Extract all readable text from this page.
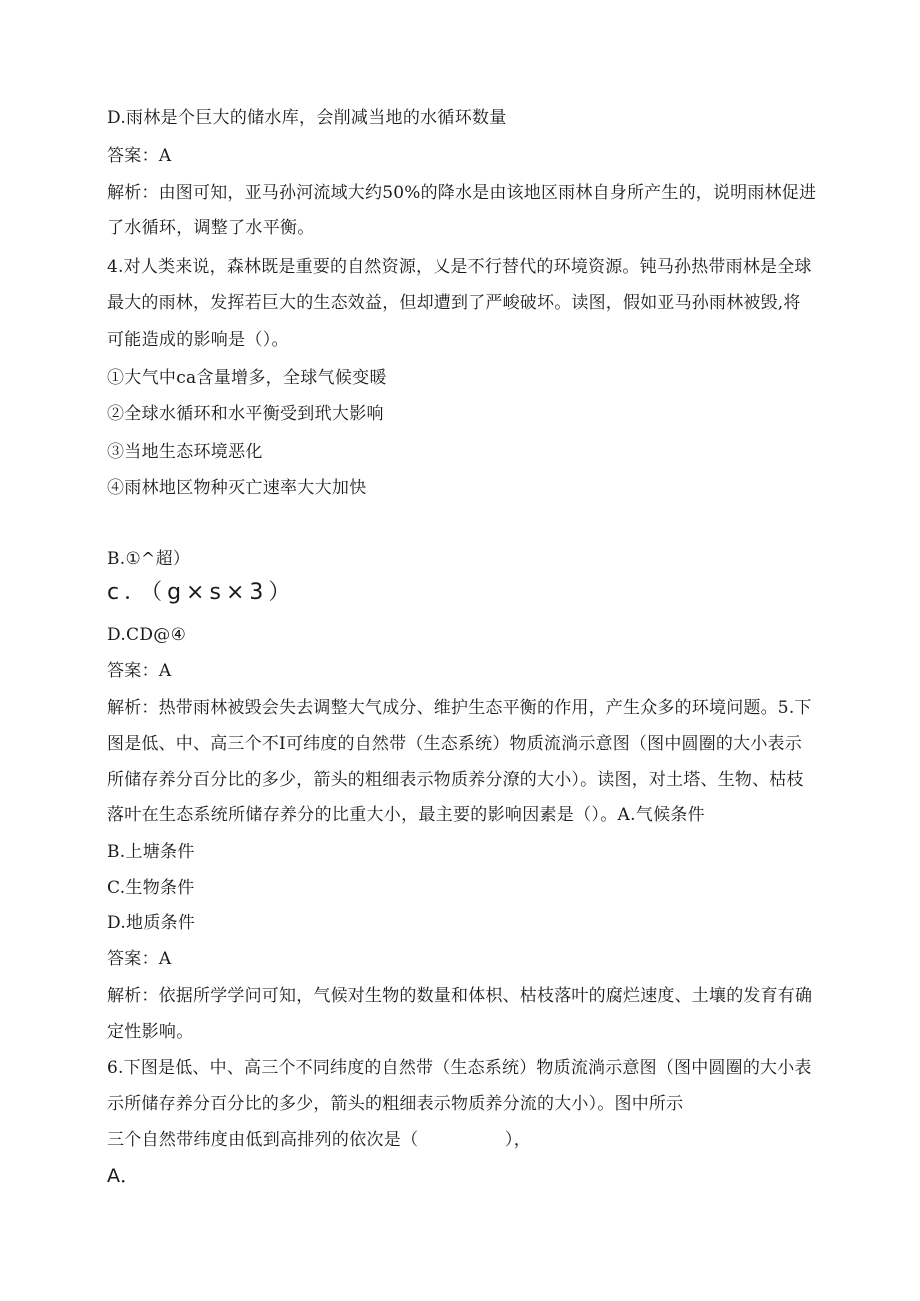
D.雨林是个巨大的储水库，会削减当地的水循环数量
答案：A
解析：由图可知，亚马孙河流域大约50%的降水是由该地区雨林自身所产生的，说明雨林促进
了水循环，调整了水平衡。
4.对人类来说，森林既是重要的自然资源，乂是不行替代的环境资源。钝马孙热带雨林是全球
最大的雨林，发挥若巨大的生态效益，但却遭到了严峻破坏。读图，假如亚马孙雨林被毁,将
可能造成的影响是（）。
①大气中ca含量增多，全球气候变暖
②全球水循环和水平衡受到玳大影响
③当地生态环境恶化
④雨林地区物种灭亡速率大大加快
B.①^超）
c．（g×s×3）
D.CD@④
答案：A
解析：热带雨林被毁会失去调整大气成分、维护生态平衡的作用，产生众多的环境问题。5.下
图是低、中、高三个不I可纬度的自然带（生态系统）物质流淌示意图（图中圆圈的大小表示
所储存养分百分比的多少，箭头的粗细表示物质养分潦的大小）。读图，对土塔、生物、枯枝
落叶在生态系统所储存养分的比重大小，最主要的影响因素是（）。A.气候条件
B.上塘条件
C.生物条件
D.地质条件
答案：A
解析：依据所学学问可知，气候对生物的数量和体枳、枯枝落叶的腐烂速度、土壤的发育有确
定性影响。
6.下图是低、中、高三个不同纬度的自然带（生态系统）物质流淌示意图（图中圆圈的大小表
示所储存养分百分比的多少，箭头的粗细表示物质养分流的大小）。图中所示
三个自然带纬度由低到高排列的依次是（　　　　　），
A．
